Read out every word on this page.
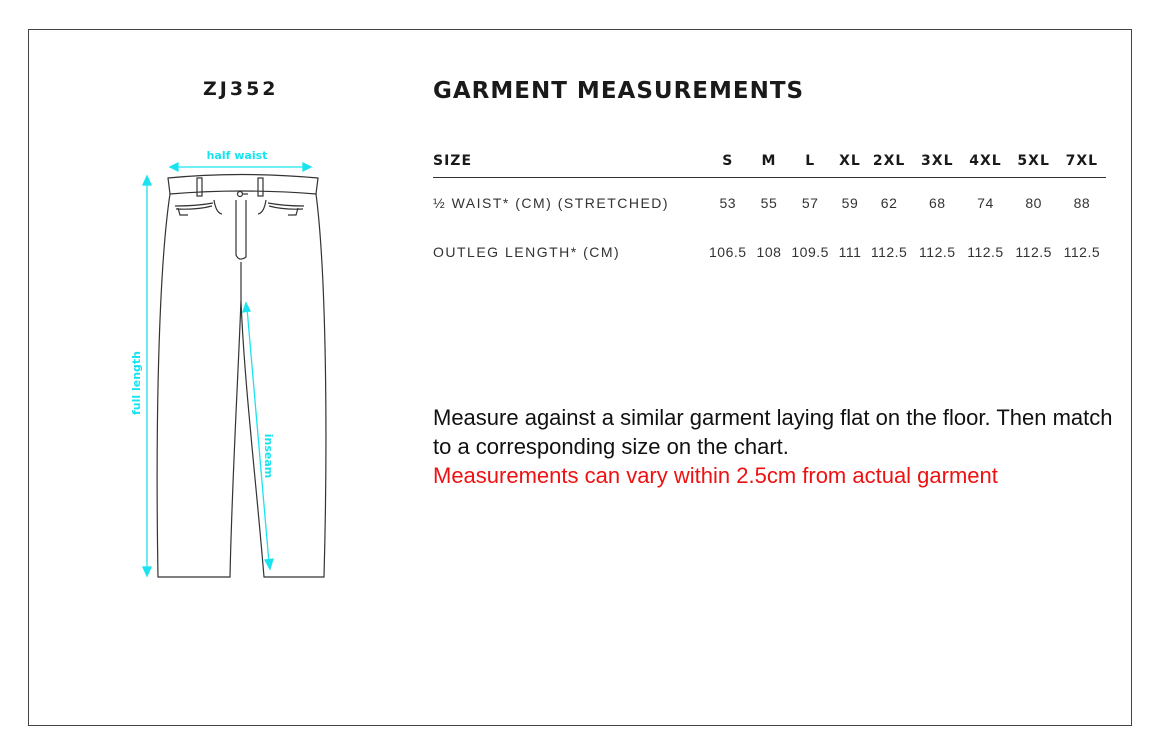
ZJ352	GARMENT MEASUREMENTS
SIZE	S	M	L	XL	2XL	3XL	4XL	5XL	7XL
½ WAIST* (CM) (STRETCHED)	53	55	57	59	62	68	74	80	88
OUTLEG LENGTH* (CM)	106.5	108	109.5	111	112.5	112.5	112.5	112.5	112.5
Measure against a similar garment laying flat on the floor. Then match to a corresponding size on the chart.
Measurements can vary within 2.5cm from actual garment
half waist
full length
inseam
